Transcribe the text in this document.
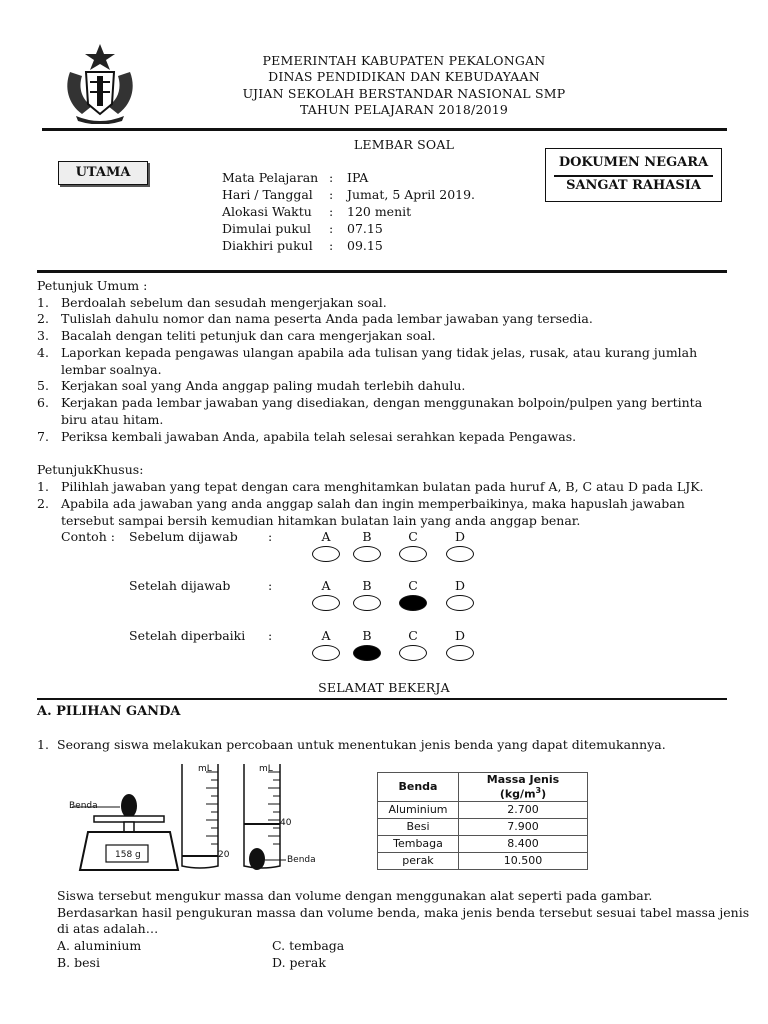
PEMERINTAH KABUPATEN PEKALONGAN
DINAS PENDIDIKAN DAN KEBUDAYAAN
UJIAN SEKOLAH BERSTANDAR NASIONAL SMP
TAHUN PELAJARAN 2018/2019
LEMBAR SOAL
UTAMA
DOKUMEN NEGARA
SANGAT RAHASIA
Mata Pelajaran : IPA
Hari / Tanggal : Jumat, 5 April 2019.
Alokasi Waktu : 120 menit
Dimulai pukul : 07.15
Diakhiri pukul : 09.15
Petunjuk Umum :
1. Berdoalah sebelum dan sesudah mengerjakan soal.
2. Tulislah dahulu nomor dan nama peserta Anda pada lembar jawaban yang tersedia.
3. Bacalah dengan teliti petunjuk dan cara mengerjakan soal.
4. Laporkan kepada pengawas ulangan apabila ada tulisan yang tidak jelas, rusak, atau kurang jumlah lembar soalnya.
5. Kerjakan soal yang Anda anggap paling mudah terlebih dahulu.
6. Kerjakan pada lembar jawaban yang disediakan, dengan menggunakan bolpoin/pulpen yang bertinta biru atau hitam.
7. Periksa kembali jawaban Anda, apabila telah selesai serahkan kepada Pengawas.
PetunjukKhusus:
1. Pilihlah jawaban yang tepat dengan cara menghitamkan bulatan pada huruf A, B, C atau D pada LJK.
2. Apabila ada jawaban yang anda anggap salah dan ingin memperbaikinya, maka hapuslah jawaban tersebut sampai bersih kemudian hitamkan bulatan lain yang anda anggap benar.
Contoh : Sebelum dijawab :	A	B	C	D
Setelah dijawab	:	A	B	C	D
Setelah diperbaiki :	A	B	C	D
SELAMAT BEKERJA
A. PILIHAN GANDA
1. Seorang siswa melakukan percobaan untuk menentukan jenis benda yang dapat ditemukannya.
Benda
158 g
mL	mL
20
40
Benda
Benda	Massa Jenis $(kg/m^3)$
Aluminium	2.700
Besi	7.900
Tembaga	8.400
perak	10.500
Siswa tersebut mengukur massa dan volume dengan menggunakan alat seperti pada gambar.
Berdasarkan hasil pengukuran massa dan volume benda, maka jenis benda tersebut sesuai tabel massa jenis
di atas adalah…
A. aluminium
B. besi
C. tembaga
D. perak
